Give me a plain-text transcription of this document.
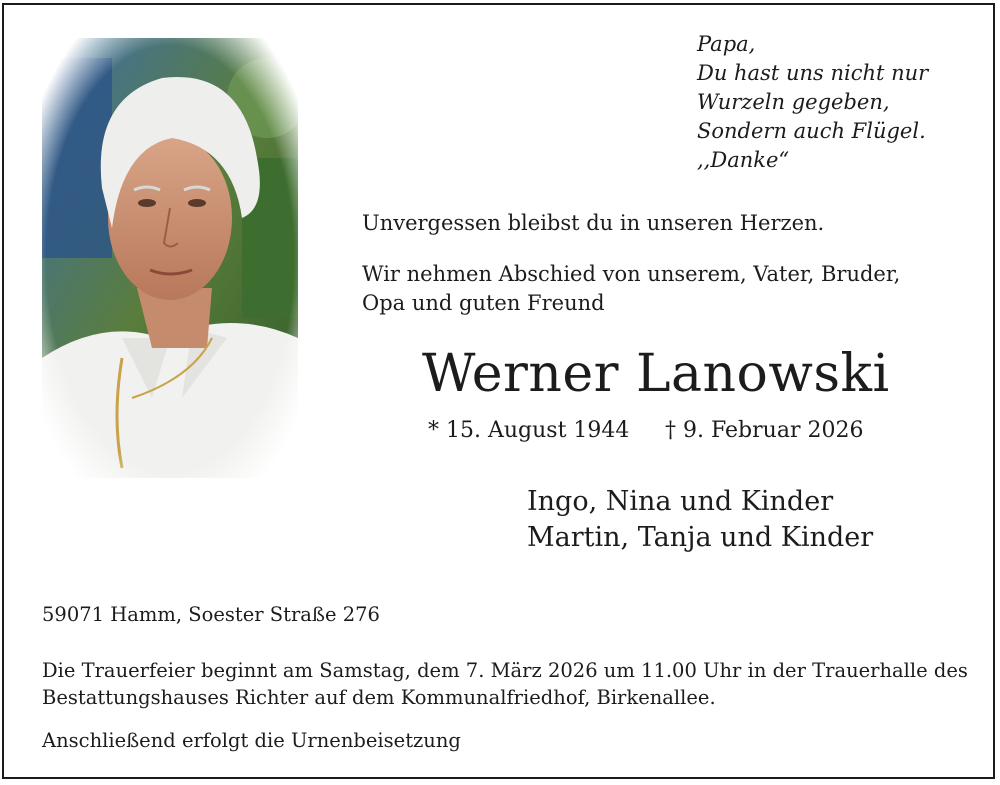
Papa,
Du hast uns nicht nur
Wurzeln gegeben,
Sondern auch Flügel.
,,Danke“
Unvergessen bleibst du in unseren Herzen.
Wir nehmen Abschied von unserem, Vater, Bruder,
Opa und guten Freund
Werner Lanowski
* 15. August 1944 † 9. Februar 2026
Ingo, Nina und Kinder
Martin, Tanja und Kinder
59071 Hamm, Soester Straße 276
Die Trauerfeier beginnt am Samstag, dem 7. März 2026 um 11.00 Uhr in der Trauerhalle des
Bestattungshauses Richter auf dem Kommunalfriedhof, Birkenallee.
Anschließend erfolgt die Urnenbeisetzung
